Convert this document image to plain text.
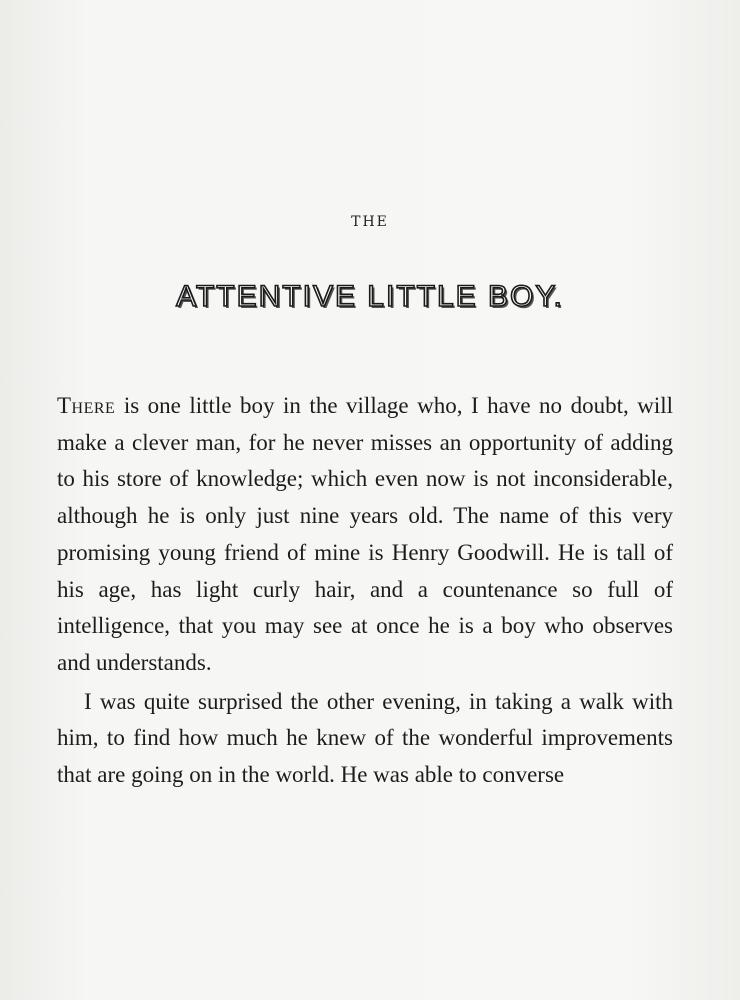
THE
ATTENTIVE LITTLE BOY.

There is one little boy in the village who, I have no doubt, will make a clever man, for he never misses an opportunity of adding to his store of knowledge; which even now is not inconsiderable, although he is only just nine years old. The name of this very promising young friend of mine is Henry Goodwill. He is tall of his age, has light curly hair, and a countenance so full of intelligence, that you may see at once he is a boy who observes and understands.

I was quite surprised the other evening, in taking a walk with him, to find how much he knew of the wonderful improvements that are going on in the world. He was able to converse
